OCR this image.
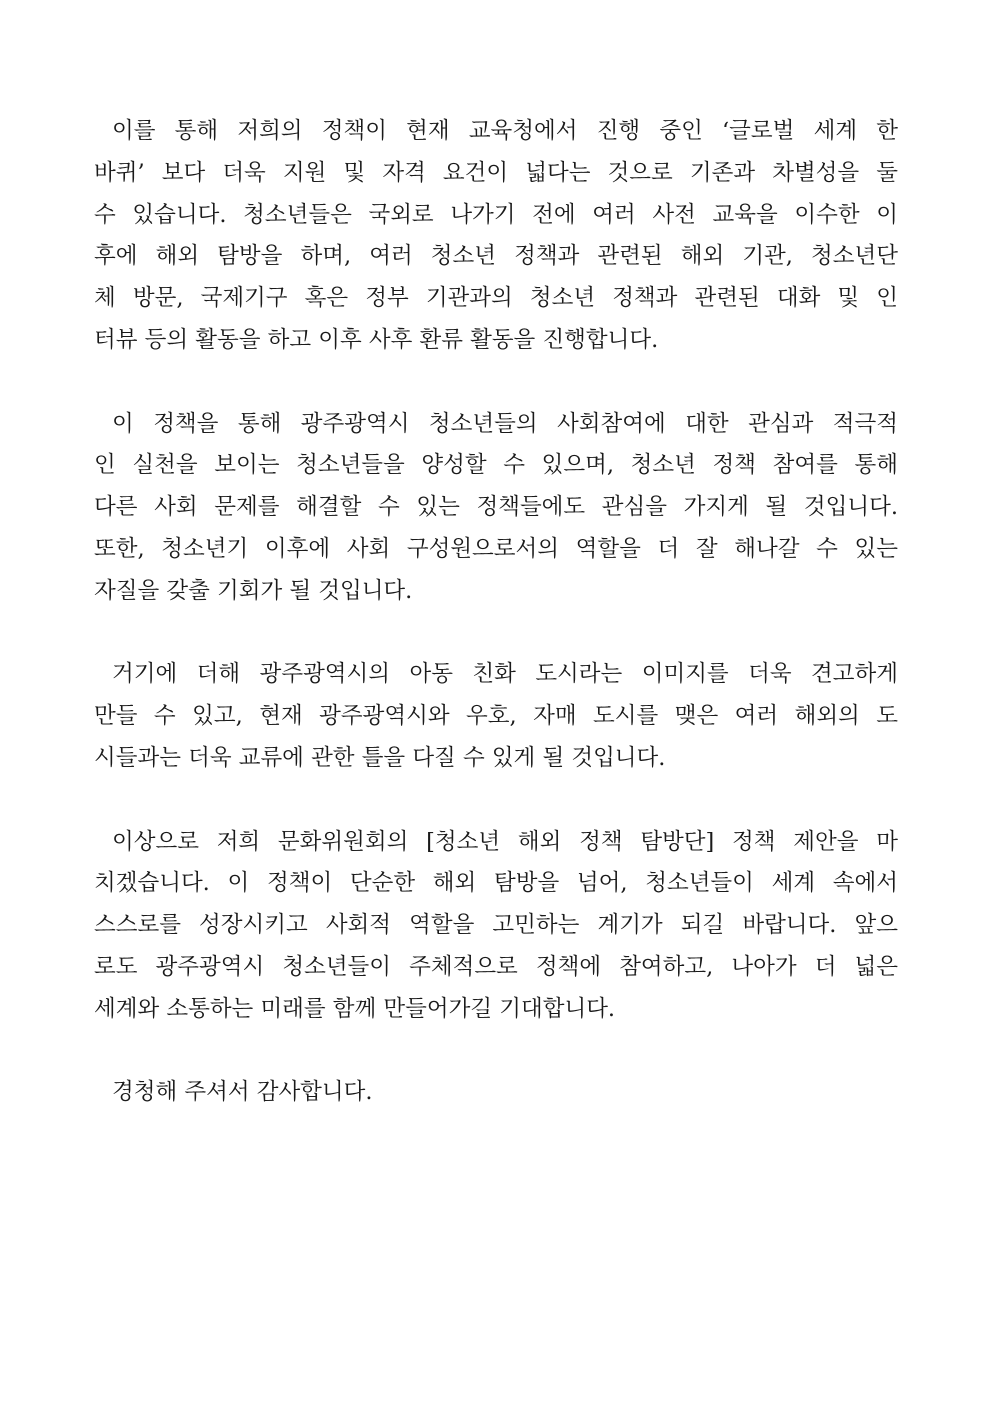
이를 통해 저희의 정책이 현재 교육청에서 진행 중인 ‘글로벌 세계 한
바퀴’ 보다 더욱 지원 및 자격 요건이 넓다는 것으로 기존과 차별성을 둘
수 있습니다. 청소년들은 국외로 나가기 전에 여러 사전 교육을 이수한 이
후에 해외 탐방을 하며, 여러 청소년 정책과 관련된 해외 기관, 청소년단
체 방문, 국제기구 혹은 정부 기관과의 청소년 정책과 관련된 대화 및 인
터뷰 등의 활동을 하고 이후 사후 환류 활동을 진행합니다.
이 정책을 통해 광주광역시 청소년들의 사회참여에 대한 관심과 적극적
인 실천을 보이는 청소년들을 양성할 수 있으며, 청소년 정책 참여를 통해
다른 사회 문제를 해결할 수 있는 정책들에도 관심을 가지게 될 것입니다.
또한, 청소년기 이후에 사회 구성원으로서의 역할을 더 잘 해나갈 수 있는
자질을 갖출 기회가 될 것입니다.
거기에 더해 광주광역시의 아동 친화 도시라는 이미지를 더욱 견고하게
만들 수 있고, 현재 광주광역시와 우호, 자매 도시를 맺은 여러 해외의 도
시들과는 더욱 교류에 관한 틀을 다질 수 있게 될 것입니다.
이상으로 저희 문화위원회의 [청소년 해외 정책 탐방단] 정책 제안을 마
치겠습니다. 이 정책이 단순한 해외 탐방을 넘어, 청소년들이 세계 속에서
스스로를 성장시키고 사회적 역할을 고민하는 계기가 되길 바랍니다. 앞으
로도 광주광역시 청소년들이 주체적으로 정책에 참여하고, 나아가 더 넓은
세계와 소통하는 미래를 함께 만들어가길 기대합니다.
경청해 주셔서 감사합니다.
